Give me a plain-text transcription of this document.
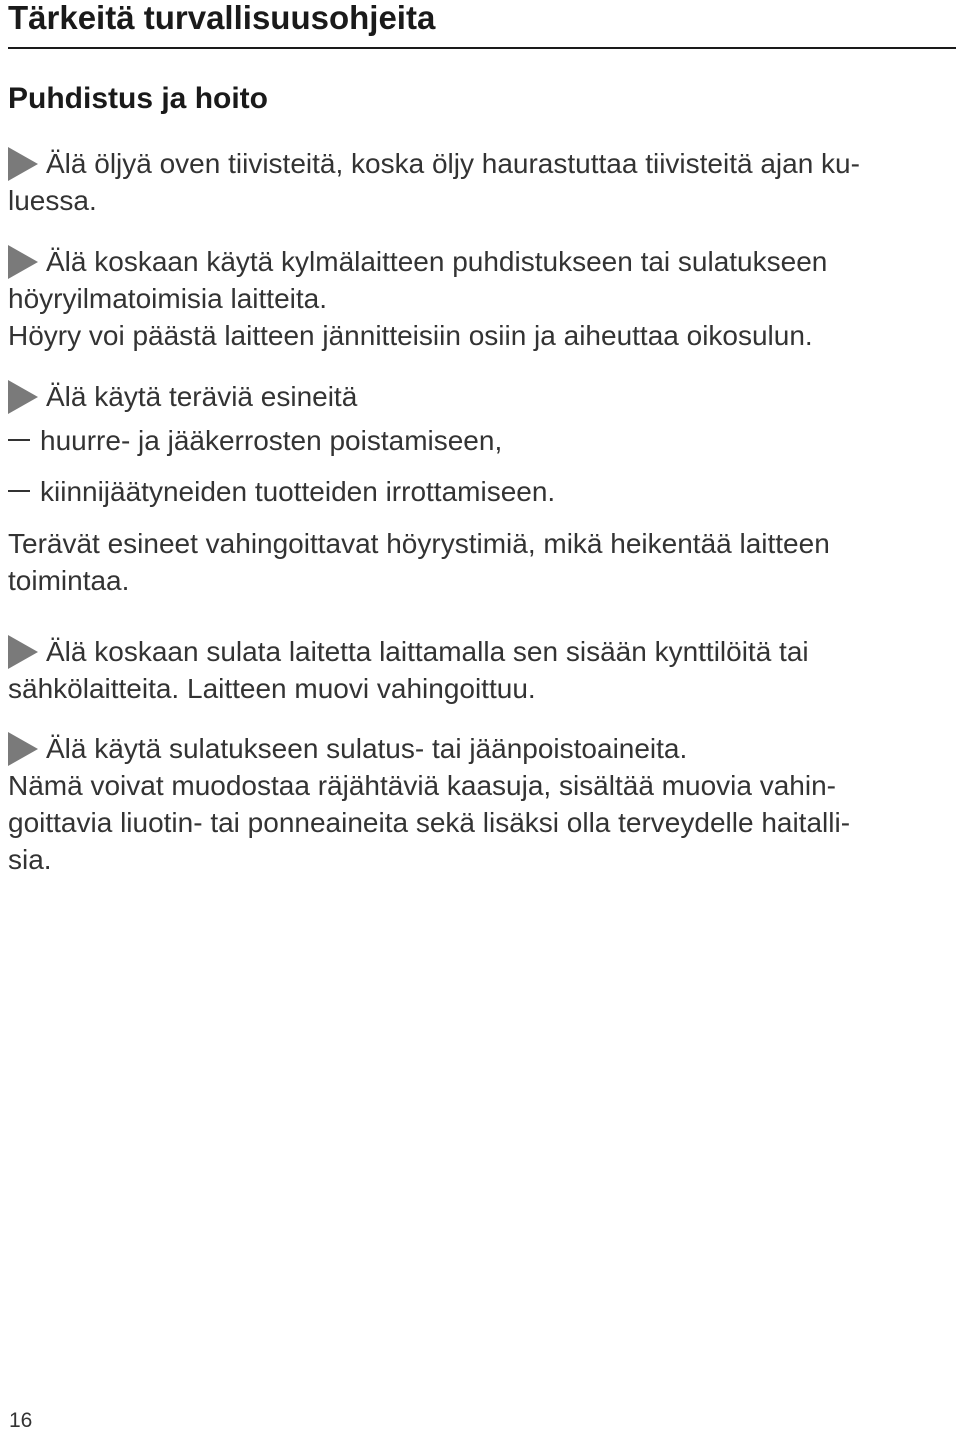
Tärkeitä turvallisuusohjeita
Puhdistus ja hoito

Älä öljyä oven tiivisteitä, koska öljy haurastuttaa tiivisteitä ajan ku-
luessa.

Älä koskaan käytä kylmälaitteen puhdistukseen tai sulatukseen
höyryilmatoimisia laitteita.
Höyry voi päästä laitteen jännitteisiin osiin ja aiheuttaa oikosulun.

Älä käytä teräviä esineitä

huurre- ja jääkerrosten poistamiseen,
kiinnijäätyneiden tuotteiden irrottamiseen.

Terävät esineet vahingoittavat höyrystimiä, mikä heikentää laitteen
toimintaa.

Älä koskaan sulata laitetta laittamalla sen sisään kynttilöitä tai
sähkölaitteita. Laitteen muovi vahingoittuu.

Älä käytä sulatukseen sulatus- tai jäänpoistoaineita.
Nämä voivat muodostaa räjähtäviä kaasuja, sisältää muovia vahin-
goittavia liuotin- tai ponneaineita sekä lisäksi olla terveydelle haitalli-
sia.

16
